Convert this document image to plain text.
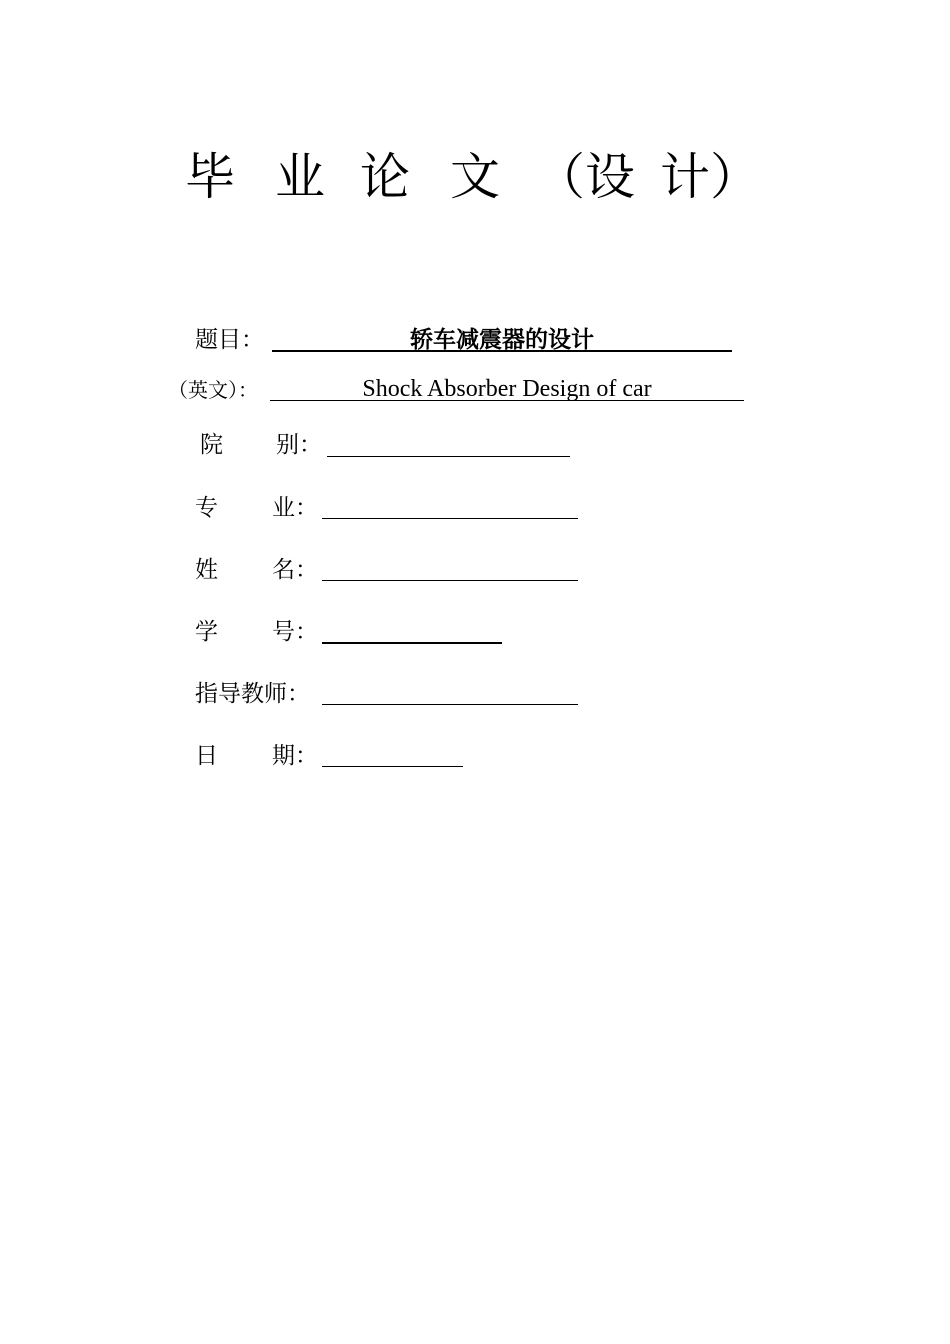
毕 业 论 文 （设 计）
题目：	轿车减震器的设计
（英文）：	Shock Absorber Design of car
院 别：
专 业：
姓 名：
学 号：
指导教师：
日 期：
